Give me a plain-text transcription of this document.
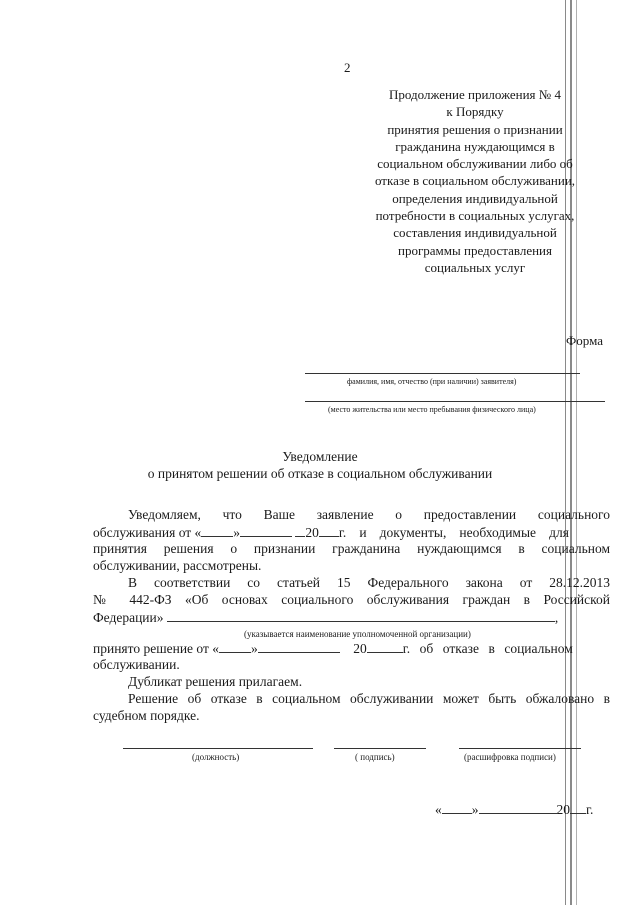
2
Продолжение приложения № 4
к Порядку
принятия решения о признании
гражданина нуждающимся в
социальном обслуживании либо об
отказе в социальном обслуживании,
определения индивидуальной
потребности в социальных услугах,
составления индивидуальной
программы предоставления
социальных услуг
Форма
фамилия, имя, отчество (при наличии) заявителя)
(место жительства или место пребывания физического лица)
Уведомление
о принятом решении об отказе в социальном обслуживании
Уведомляем, что Ваше заявление о предоставлении социального
обслуживания от « »	20 г. и документы, необходимые для
принятия решения о признании гражданина нуждающимся в социальном
обслуживании, рассмотрены.
В соответствии со статьей 15 Федерального закона от 28.12.2013
№ 442-ФЗ «Об основах социального обслуживания граждан в Российской
Федерации»	,
(указывается наименование уполномоченной организации)
принято решение от « »	20	г. об отказе в социальном
обслуживании.
Дубликат решения прилагаем.
Решение об отказе в социальном обслуживании может быть обжаловано в
судебном порядке.
(должность)	( подпись)	(расшифровка подписи)
« »	20 г.
